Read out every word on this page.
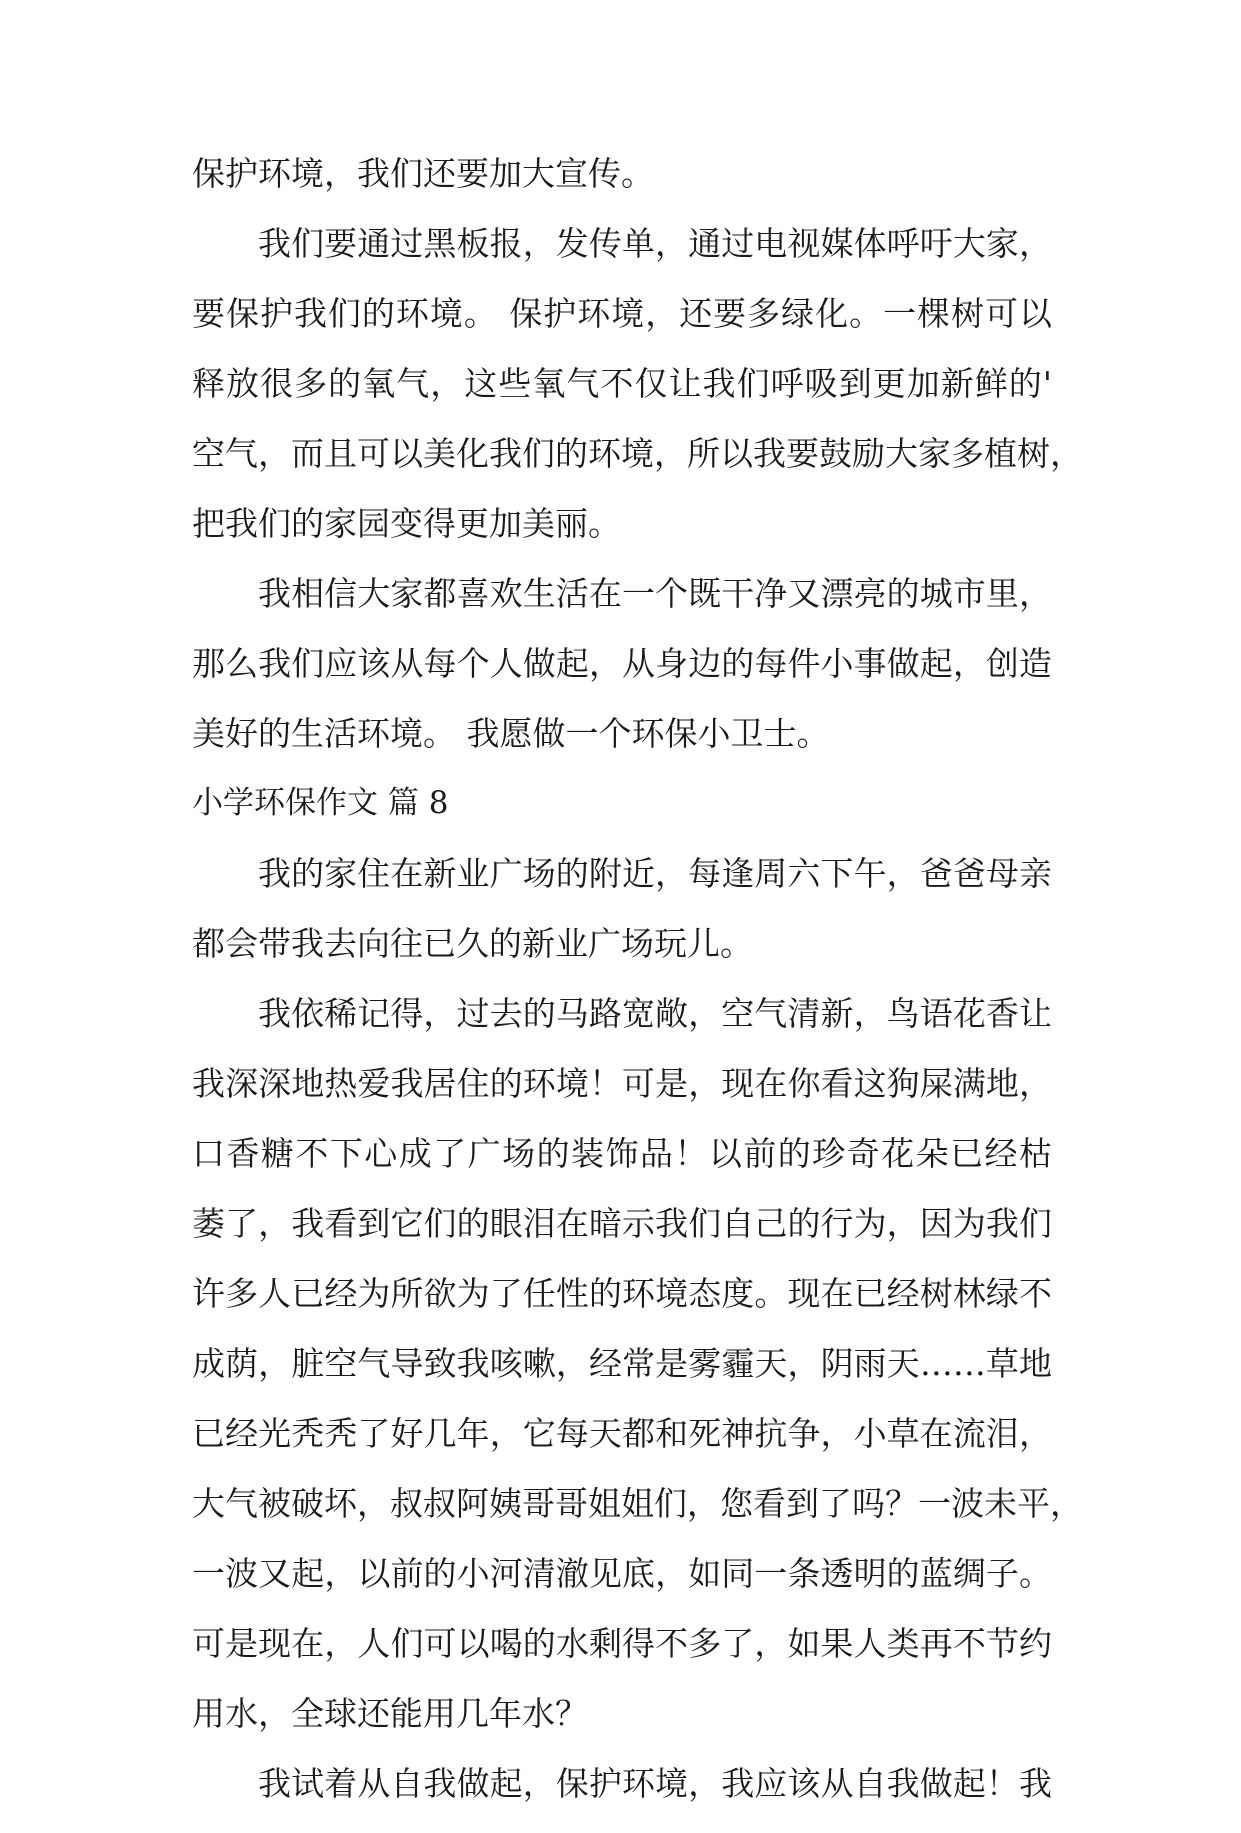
保护环境，我们还要加大宣传。
我们要通过黑板报，发传单，通过电视媒体呼吁大家，
要保护我们的环境。 保护环境，还要多绿化。一棵树可以
释放很多的氧气，这些氧气不仅让我们呼吸到更加新鲜的'
空气，而且可以美化我们的环境，所以我要鼓励大家多植树，
把我们的家园变得更加美丽。
我相信大家都喜欢生活在一个既干净又漂亮的城市里，
那么我们应该从每个人做起，从身边的每件小事做起，创造
美好的生活环境。 我愿做一个环保小卫士。
小学环保作文 篇 8
我的家住在新业广场的附近，每逢周六下午，爸爸母亲
都会带我去向往已久的新业广场玩儿。
我依稀记得，过去的马路宽敞，空气清新，鸟语花香让
我深深地热爱我居住的环境！可是，现在你看这狗屎满地，
口香糖不下心成了广场的装饰品！以前的珍奇花朵已经枯
萎了，我看到它们的眼泪在暗示我们自己的行为，因为我们
许多人已经为所欲为了任性的环境态度。现在已经树林绿不
成荫，脏空气导致我咳嗽，经常是雾霾天，阴雨天……草地
已经光秃秃了好几年，它每天都和死神抗争，小草在流泪，
大气被破坏，叔叔阿姨哥哥姐姐们，您看到了吗？一波未平，
一波又起，以前的小河清澈见底，如同一条透明的蓝绸子。
可是现在，人们可以喝的水剩得不多了，如果人类再不节约
用水，全球还能用几年水？
我试着从自我做起，保护环境，我应该从自我做起！我
